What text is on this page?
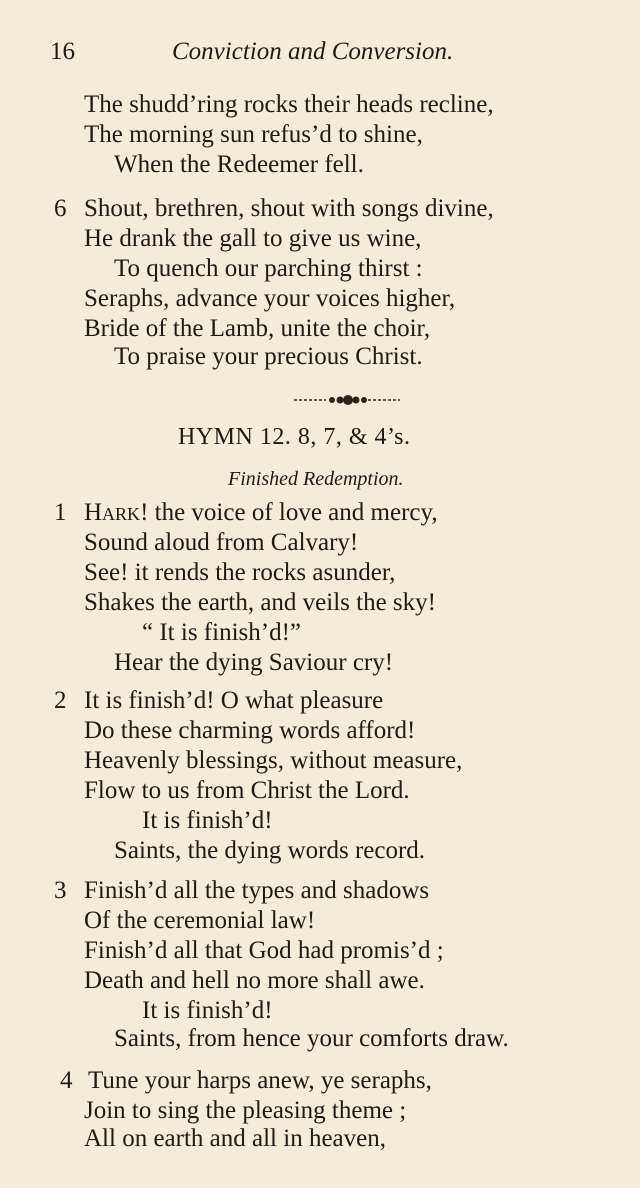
16	Conviction and Conversion.
The shudd’ring rocks their heads recline,
The morning sun refus’d to shine,
When the Redeemer fell.
6 Shout, brethren, shout with songs divine,
He drank the gall to give us wine,
To quench our parching thirst :
Seraphs, advance your voices higher,
Bride of the Lamb, unite the choir,
To praise your precious Christ.
HYMN 12. 8, 7, & 4’s.
Finished Redemption.
1 Hark! the voice of love and mercy,
Sound aloud from Calvary!
See! it rends the rocks asunder,
Shakes the earth, and veils the sky!
“ It is finish’d!”
Hear the dying Saviour cry!
2 It is finish’d! O what pleasure
Do these charming words afford!
Heavenly blessings, without measure,
Flow to us from Christ the Lord.
It is finish’d!
Saints, the dying words record.
3 Finish’d all the types and shadows
Of the ceremonial law!
Finish’d all that God had promis’d ;
Death and hell no more shall awe.
It is finish’d!
Saints, from hence your comforts draw.
4 Tune your harps anew, ye seraphs,
Join to sing the pleasing theme ;
All on earth and all in heaven,
